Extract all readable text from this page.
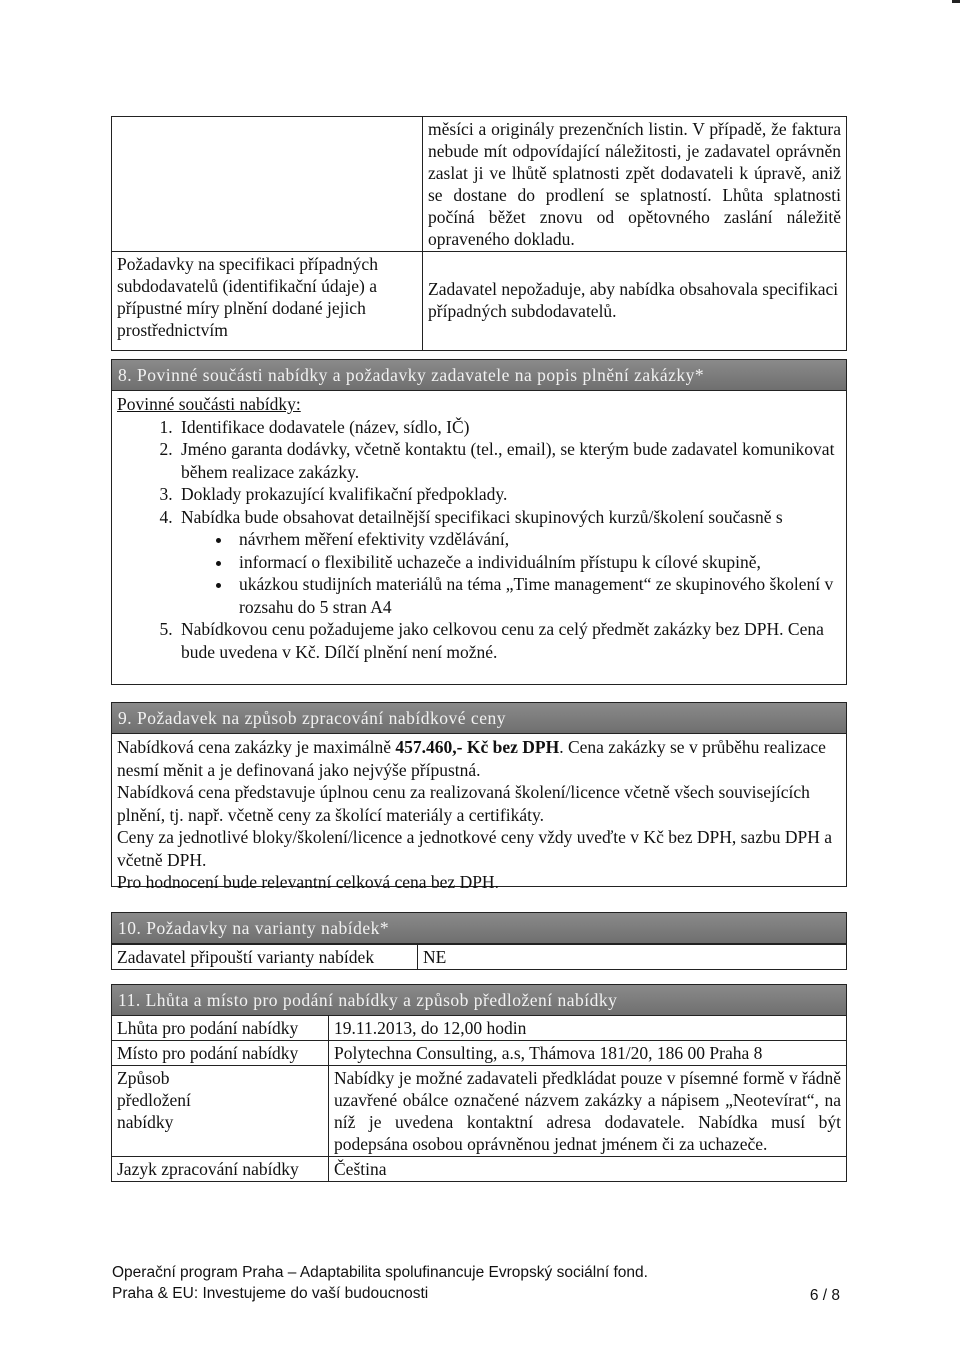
	měsíci a originály prezenčních listin. V případě, že faktura nebude mít odpovídající náležitosti, je zadavatel oprávněn zaslat ji ve lhůtě splatnosti zpět dodavateli k úpravě, aniž se dostane do prodlení se splatností. Lhůta splatnosti počíná běžet znovu od opětovného zaslání náležitě opraveného dokladu.
Požadavky na specifikaci případných subdodavatelů (identifikační údaje) a přípustné míry plnění dodané jejich prostřednictvím	Zadavatel nepožaduje, aby nabídka obsahovala specifikaci případných subdodavatelů.
8. Povinné součásti nabídky a požadavky zadavatele na popis plnění zakázky*

Povinné součásti nabídky:

1. Identifikace dodavatele (název, sídlo, IČ)
2. Jméno garanta dodávky, včetně kontaktu (tel., email), se kterým bude zadavatel komunikovat během realizace zakázky.
3. Doklady prokazující kvalifikační předpoklady.
4. Nabídka bude obsahovat detailnější specifikaci skupinových kurzů/školení současně s
• návrhem měření efektivity vzdělávání,
• informací o flexibilitě uchazeče a individuálním přístupu k cílové skupině,
• ukázkou studijních materiálů na téma „Time management“ ze skupinového školení v rozsahu do 5 stran A4
5. Nabídkovou cenu požadujeme jako celkovou cenu za celý předmět zakázky bez DPH. Cena bude uvedena v Kč. Dílčí plnění není možné.
9. Požadavek na způsob zpracování nabídkové ceny

Nabídková cena zakázky je maximálně 457.460,- Kč bez DPH. Cena zakázky se v průběhu realizace nesmí měnit a je definovaná jako nejvýše přípustná.

Nabídková cena představuje úplnou cenu za realizovaná školení/licence včetně všech souvisejících plnění, tj. např. včetně ceny za školící materiály a certifikáty.

Ceny za jednotlivé bloky/školení/licence a jednotkové ceny vždy uveďte v Kč bez DPH, sazbu DPH a včetně DPH.

Pro hodnocení bude relevantní celková cena bez DPH.

10. Požadavky na varianty nabídek*
Zadavatel připouští varianty nabídek	NE
11. Lhůta a místo pro podání nabídky a způsob předložení nabídky
Lhůta pro podání nabídky	19.11.2013, do 12,00 hodin
Místo pro podání nabídky	Polytechna Consulting, a.s, Thámova 181/20, 186 00 Praha 8
Způsob předložení nabídky	Nabídky je možné zadavateli předkládat pouze v písemné formě v řádně uzavřené obálce označené názvem zakázky a nápisem „Neotevírat“, na níž je uvedena kontaktní adresa dodavatele. Nabídka musí být podepsána osobou oprávněnou jednat jménem či za uchazeče.
Jazyk zpracování nabídky	Čeština
Operační program Praha – Adaptabilita spolufinancuje Evropský sociální fond.
Praha & EU: Investujeme do vaší budoucnosti	6 / 8
